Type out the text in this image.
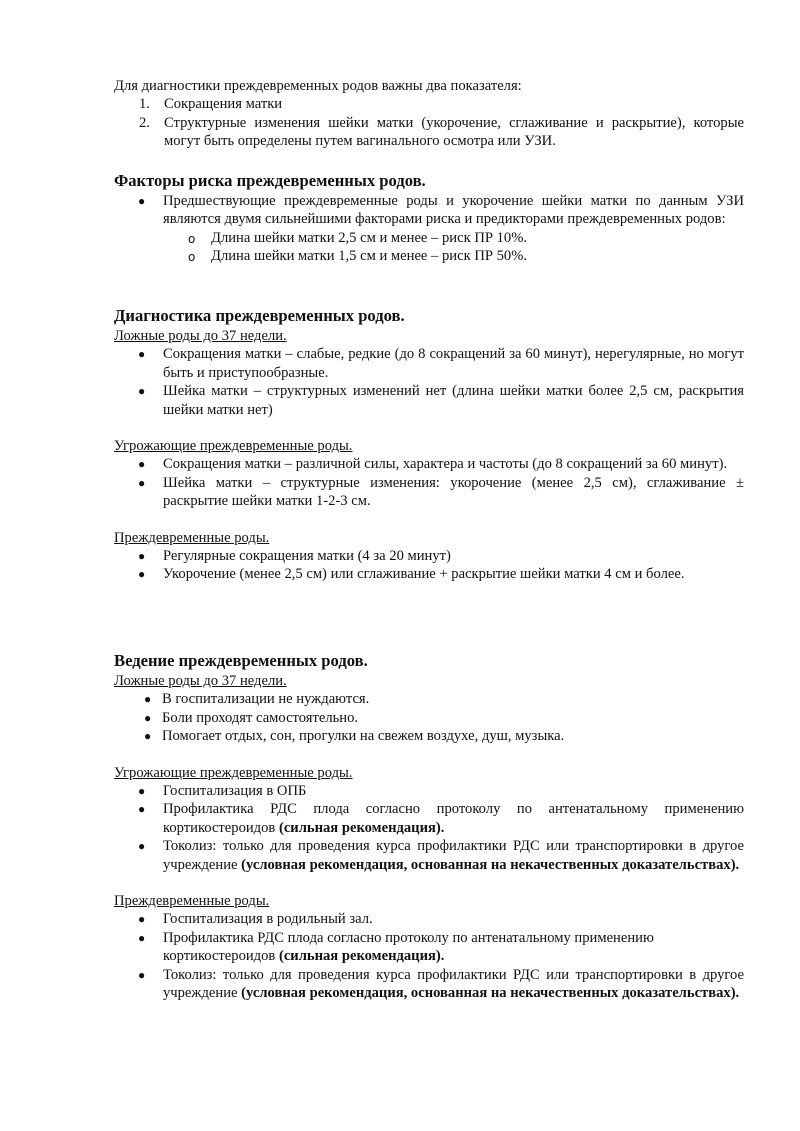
Для диагностики преждевременных родов важны два показателя:

1. Сокращения матки
2. Структурные изменения шейки матки (укорочение, сглаживание и раскрытие), которые могут быть определены путем вагинального осмотра или УЗИ.
Факторы риска преждевременных родов.
● Предшествующие преждевременные роды и укорочение шейки матки по данным УЗИ являются двумя сильнейшими факторами риска и предикторами преждевременных родов:
o Длина шейки матки 2,5 см и менее – риск ПР 10%.
o Длина шейки матки 1,5 см и менее – риск ПР 50%.
Диагностика преждевременных родов.

Ложные роды до 37 недели.

● Сокращения матки – слабые, редкие (до 8 сокращений за 60 минут), нерегулярные, но могут быть и приступообразные.
● Шейка матки – структурных изменений нет (длина шейки матки более 2,5 см, раскрытия шейки матки нет)

Угрожающие преждевременные роды.

● Сокращения матки – различной силы, характера и частоты (до 8 сокращений за 60 минут).
● Шейка матки – структурные изменения: укорочение (менее 2,5 см), сглаживание ± раскрытие шейки матки 1-2-3 см.

Преждевременные роды.

● Регулярные сокращения матки (4 за 20 минут)
● Укорочение (менее 2,5 см) или сглаживание + раскрытие шейки матки 4 см и более.
Ведение преждевременных родов.

Ложные роды до 37 недели.

● В госпитализации не нуждаются.
● Боли проходят самостоятельно.
● Помогает отдых, сон, прогулки на свежем воздухе, душ, музыка.

Угрожающие преждевременные роды.

● Госпитализация в ОПБ
● Профилактика РДС плода согласно протоколу по антенатальному применению кортикостероидов (сильная рекомендация).
● Токолиз: только для проведения курса профилактики РДС или транспортировки в другое учреждение (условная рекомендация, основанная на некачественных доказательствах).

Преждевременные роды.

● Госпитализация в родильный зал.
● Профилактика РДС плода согласно протоколу по антенатальному применению кортикостероидов (сильная рекомендация).
● Токолиз: только для проведения курса профилактики РДС или транспортировки в другое учреждение (условная рекомендация, основанная на некачественных доказательствах).
